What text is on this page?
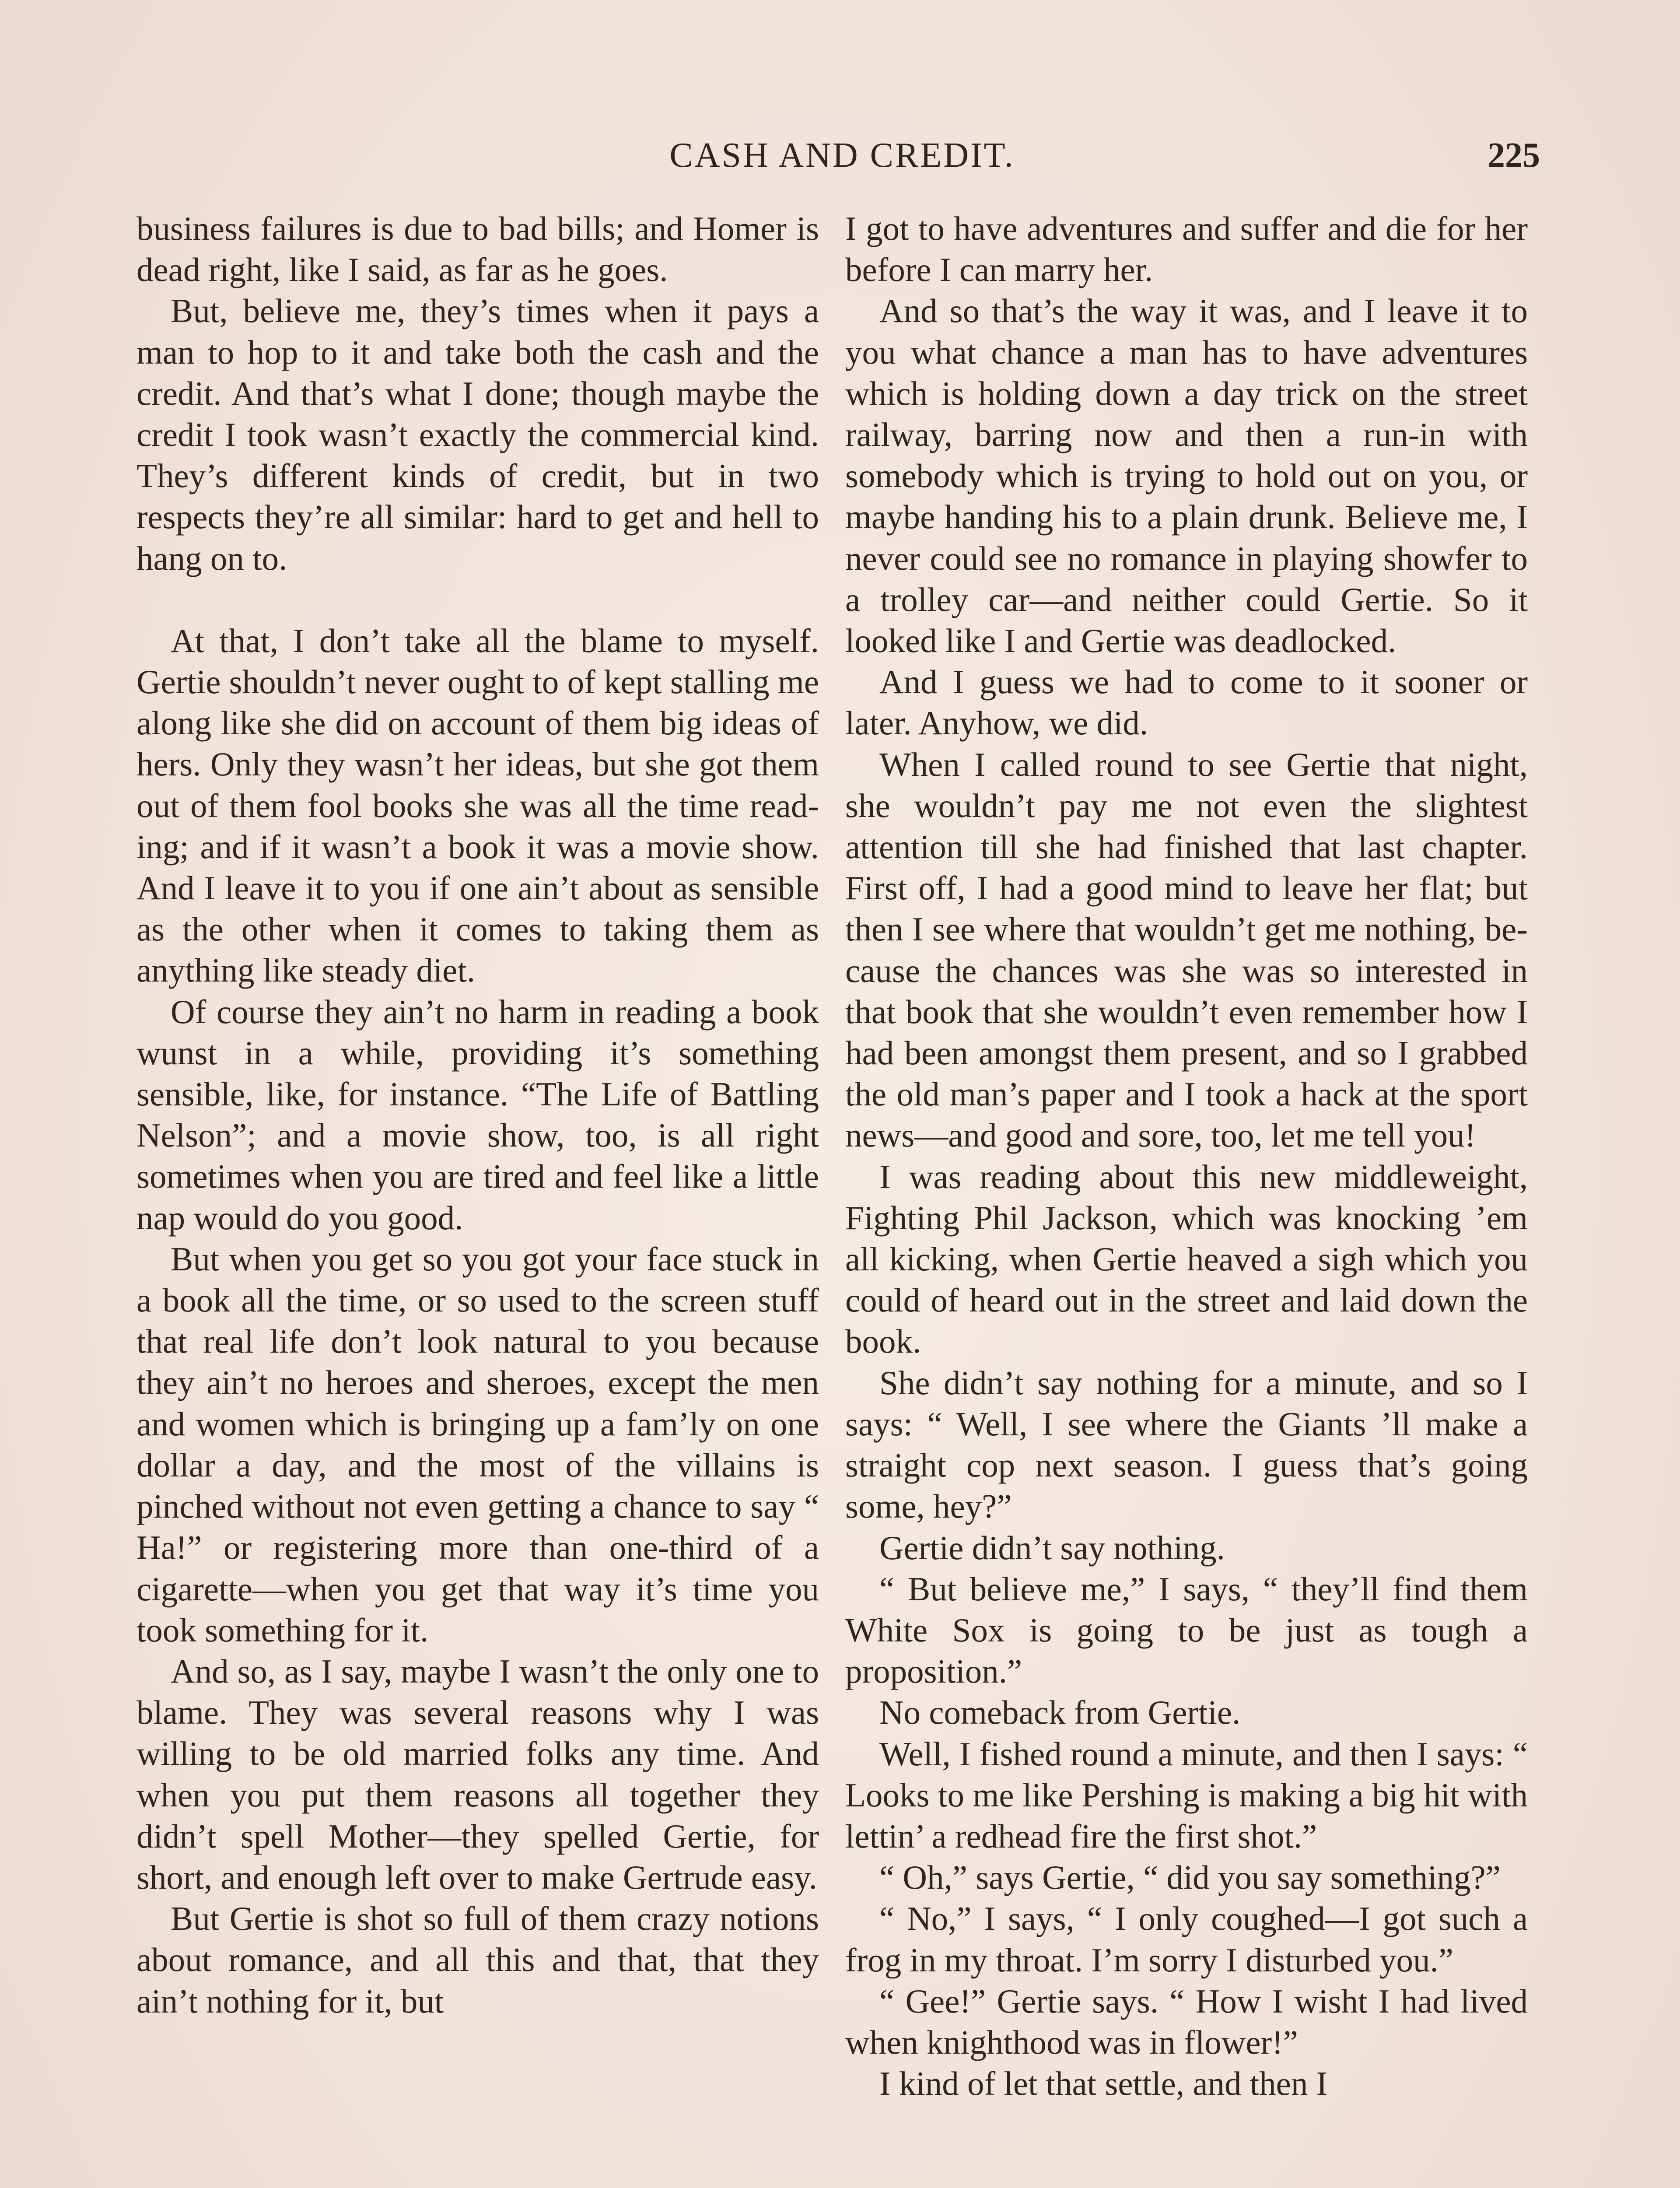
CASH AND CREDIT.	225

business failures is due to bad bills; and Homer is dead right, like I said, as far as he goes.

But, believe me, they’s times when it pays a man to hop to it and take both the cash and the credit. And that’s what I done; though maybe the credit I took wasn’t exactly the commercial kind. They’s different kinds of credit, but in two respects they’re all similar: hard to get and hell to hang on to.

At that, I don’t take all the blame to myself. Gertie shouldn’t never ought to of kept stalling me along like she did on account of them big ideas of hers. Only they wasn’t her ideas, but she got them out of them fool books she was all the time reading; and if it wasn’t a book it was a movie show. And I leave it to you if one ain’t about as sensible as the other when it comes to taking them as anything like steady diet.

Of course they ain’t no harm in reading a book wunst in a while, providing it’s something sensible, like, for instance. “The Life of Battling Nelson”; and a movie show, too, is all right sometimes when you are tired and feel like a little nap would do you good.

But when you get so you got your face stuck in a book all the time, or so used to the screen stuff that real life don’t look natural to you because they ain’t no heroes and sheroes, except the men and women which is bringing up a fam’ly on one dollar a day, and the most of the villains is pinched without not even getting a chance to say “ Ha!” or registering more than one-third of a cigarette—when you get that way it’s time you took something for it.

And so, as I say, maybe I wasn’t the only one to blame. They was several reasons why I was willing to be old married folks any time. And when you put them reasons all together they didn’t spell Mother—they spelled Gertie, for short, and enough left over to make Gertrude easy.

But Gertie is shot so full of them crazy notions about romance, and all this and that, that they ain’t nothing for it, but

I got to have adventures and suffer and die for her before I can marry her.

And so that’s the way it was, and I leave it to you what chance a man has to have adventures which is holding down a day trick on the street railway, barring now and then a run-in with somebody which is trying to hold out on you, or maybe handing his to a plain drunk. Believe me, I never could see no romance in playing showfer to a trolley car—and neither could Gertie. So it looked like I and Gertie was deadlocked.

And I guess we had to come to it sooner or later. Anyhow, we did.

When I called round to see Gertie that night, she wouldn’t pay me not even the slightest attention till she had finished that last chapter. First off, I had a good mind to leave her flat; but then I see where that wouldn’t get me nothing, because the chances was she was so interested in that book that she wouldn’t even remember how I had been amongst them present, and so I grabbed the old man’s paper and I took a hack at the sport news—and good and sore, too, let me tell you!

I was reading about this new middleweight, Fighting Phil Jackson, which was knocking ’em all kicking, when Gertie heaved a sigh which you could of heard out in the street and laid down the book.

She didn’t say nothing for a minute, and so I says: “ Well, I see where the Giants ’ll make a straight cop next season. I guess that’s going some, hey?”

Gertie didn’t say nothing.

“ But believe me,” I says, “ they’ll find them White Sox is going to be just as tough a proposition.”

No comeback from Gertie.

Well, I fished round a minute, and then I says: “ Looks to me like Pershing is making a big hit with lettin’ a redhead fire the first shot.”

“ Oh,” says Gertie, “ did you say something?”

“ No,” I says, “ I only coughed—I got such a frog in my throat. I’m sorry I disturbed you.”

“ Gee!” Gertie says. “ How I wisht I had lived when knighthood was in flower!”

I kind of let that settle, and then I
